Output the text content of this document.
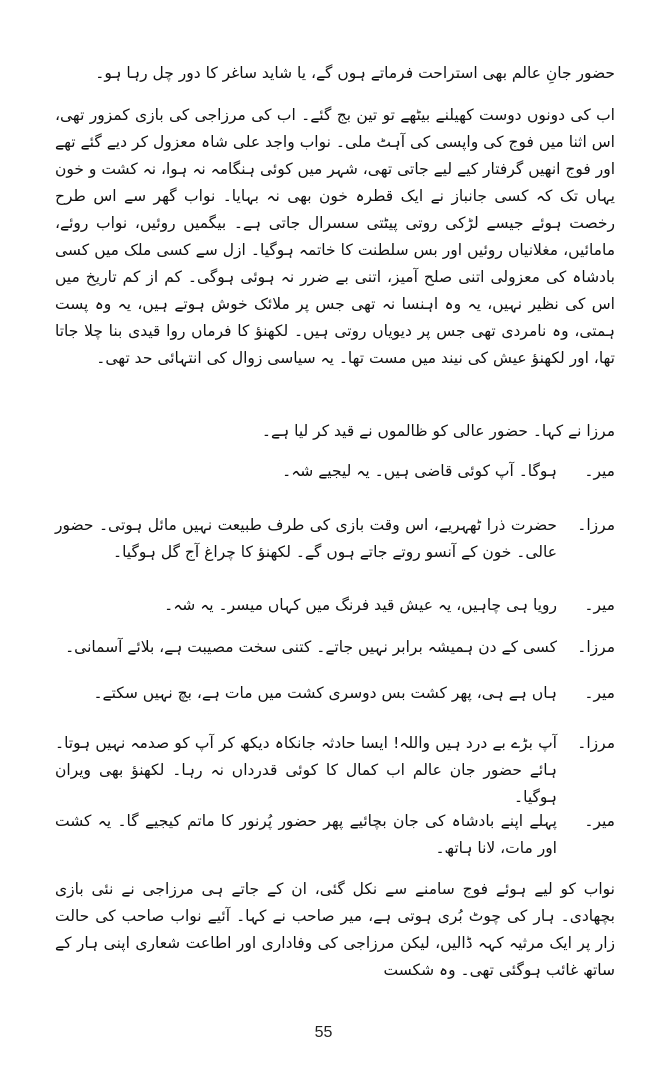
حضور جانِ عالم بھی استراحت فرماتے ہوں گے، یا شاید ساغر کا دور چل رہا ہو۔

اب کی دونوں دوست کھیلنے بیٹھے تو تین بج گئے۔ اب کی مرزاجی کی بازی کمزور تھی، اس اثنا میں فوج کی واپسی کی آہٹ ملی۔ نواب واجد علی شاہ معزول کر دیے گئے تھے اور فوج انھیں گرفتار کیے لیے جاتی تھی، شہر میں کوئی ہنگامہ نہ ہوا، نہ کشت و خون یہاں تک کہ کسی جانباز نے ایک قطرہ خون بھی نہ بہایا۔ نواب گھر سے اس طرح رخصت ہوئے جیسے لڑکی روتی پیٹتی سسرال جاتی ہے۔ بیگمیں روئیں، نواب روئے، مامائیں، مغلانیاں روئیں اور بس سلطنت کا خاتمہ ہوگیا۔ ازل سے کسی ملک میں کسی بادشاہ کی معزولی اتنی صلح آمیز، اتنی بے ضرر نہ ہوئی ہوگی۔ کم از کم تاریخ میں اس کی نظیر نہیں، یہ وہ اہنسا نہ تھی جس پر ملائک خوش ہوتے ہیں، یہ وہ پست ہمتی، وہ نامردی تھی جس پر دیویاں روتی ہیں۔ لکھنؤ کا فرماں روا قیدی بنا چلا جاتا تھا، اور لکھنؤ عیش کی نیند میں مست تھا۔ یہ سیاسی زوال کی انتہائی حد تھی۔

مرزا نے کہا۔ حضور عالی کو ظالموں نے قید کر لیا ہے۔

میر۔
ہوگا۔ آپ کوئی قاضی ہیں۔ یہ لیجیے شہ۔
مرزا۔
حضرت ذرا ٹھہریے، اس وقت بازی کی طرف طبیعت نہیں مائل ہوتی۔ حضور عالی۔ خون کے آنسو روتے جاتے ہوں گے۔ لکھنؤ کا چراغ آج گل ہوگیا۔
میر۔
رویا ہی چاہیں، یہ عیش قید فرنگ میں کہاں میسر۔ یہ شہ۔
مرزا۔
کسی کے دن ہمیشہ برابر نہیں جاتے۔ کتنی سخت مصیبت ہے، بلائے آسمانی۔
میر۔
ہاں ہے ہی، پھر کشت بس دوسری کشت میں مات ہے، بچ نہیں سکتے۔
مرزا۔
آپ بڑے بے درد ہیں واللہ! ایسا حادثہ جانکاہ دیکھ کر آپ کو صدمہ نہیں ہوتا۔ ہائے حضور جان عالم اب کمال کا کوئی قدرداں نہ رہا۔ لکھنؤ بھی ویران ہوگیا۔
میر۔
پہلے اپنے بادشاہ کی جان بچائیے پھر حضور پُرنور کا ماتم کیجیے گا۔ یہ کشت اور مات، لانا ہاتھ۔

نواب کو لیے ہوئے فوج سامنے سے نکل گئی، ان کے جاتے ہی مرزاجی نے نئی بازی بچھادی۔ ہار کی چوٹ بُری ہوتی ہے، میر صاحب نے کہا۔ آئیے نواب صاحب کی حالت زار پر ایک مرثیہ کہہ ڈالیں، لیکن مرزاجی کی وفاداری اور اطاعت شعاری اپنی ہار کے ساتھ غائب ہوگئی تھی۔ وہ شکست

55
